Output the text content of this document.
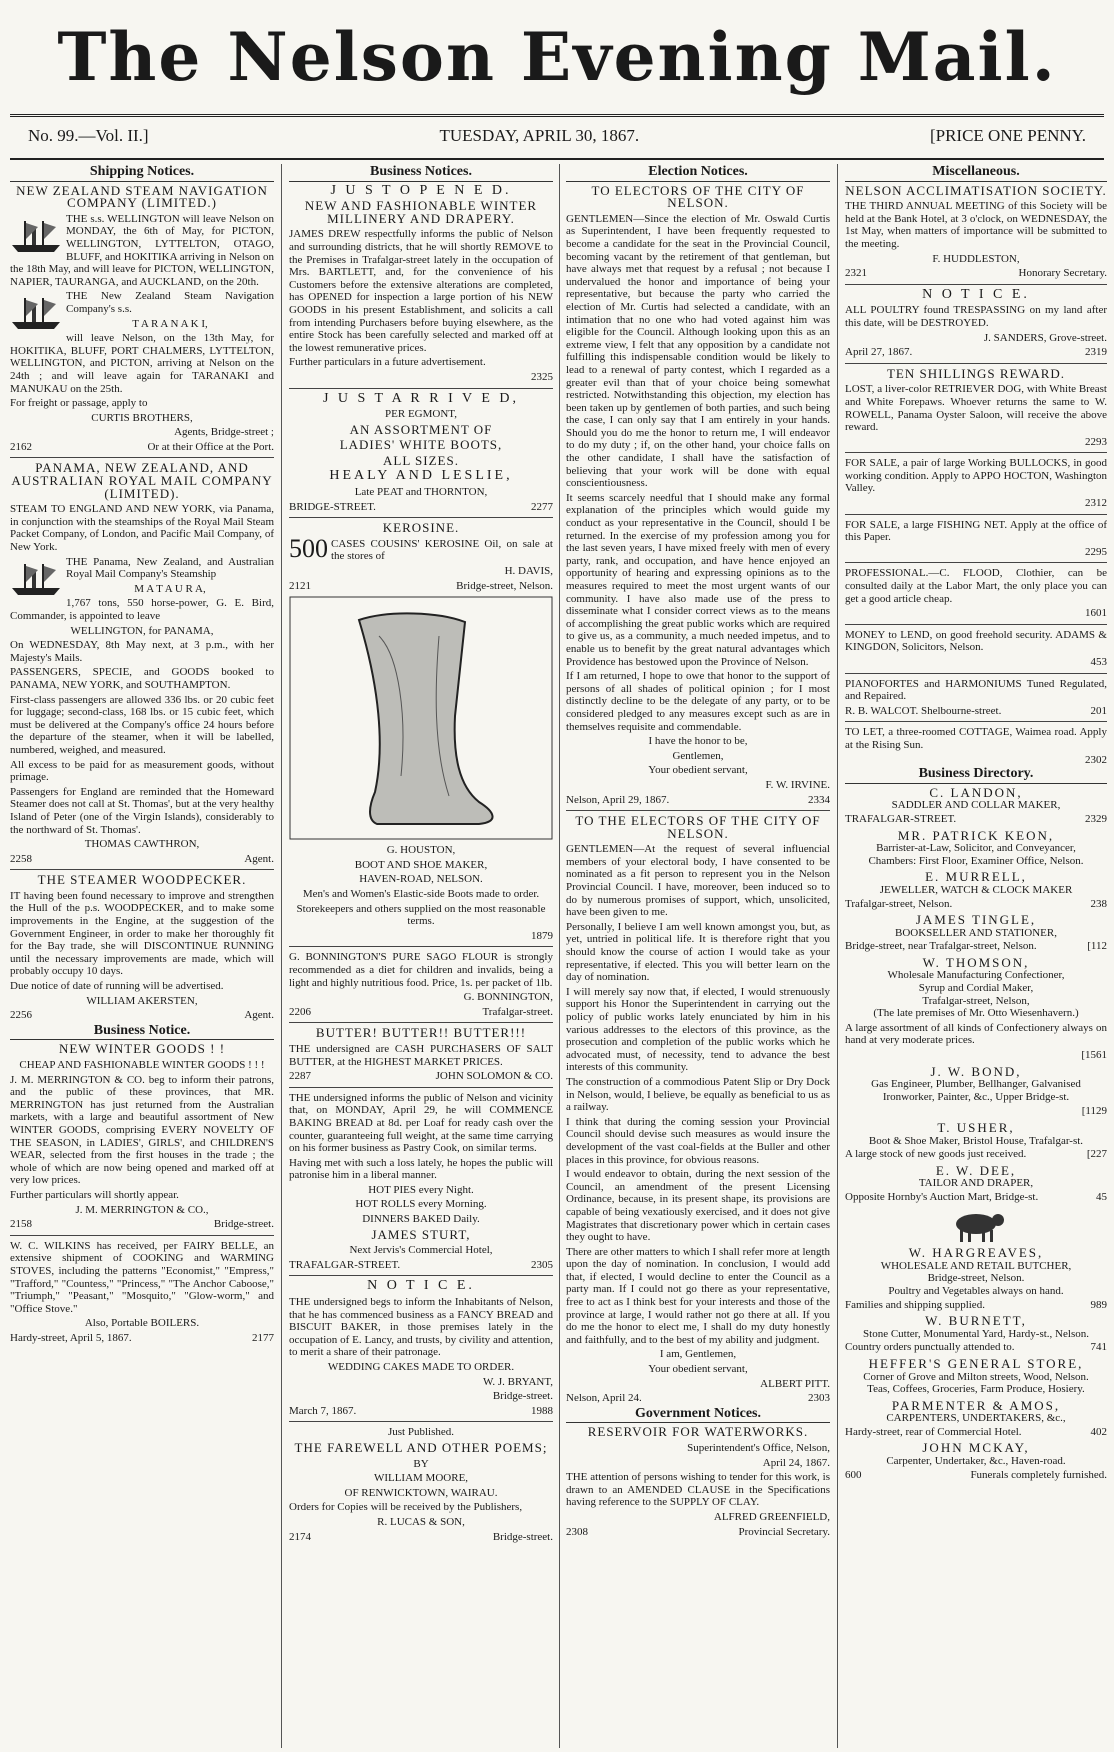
The Nelson Evening Mail.
No. 99.—Vol. II.]	TUESDAY, APRIL 30, 1867.	[PRICE ONE PENNY.
Shipping Notices.
NEW ZEALAND STEAM NAVIGATION COMPANY (LIMITED.)

THE s.s. WELLINGTON will leave Nelson on MONDAY, the 6th of May, for PICTON, WELLINGTON, LYTTELTON, OTAGO, BLUFF, and HOKITIKA arriving in Nelson on the 18th May, and will leave for PICTON, WELLINGTON, NAPIER, TAURANGA, and AUCKLAND, on the 20th.

THE New Zealand Steam Navigation Company's s.s.

T A R A N A K I,

will leave Nelson, on the 13th May, for HOKITIKA, BLUFF, PORT CHALMERS, LYTTELTON, WELLINGTON, and PICTON, arriving at Nelson on the 24th ; and will leave again for TARANAKI and MANUKAU on the 25th.

For freight or passage, apply to

CURTIS BROTHERS,
Agents, Bridge-street ;
2162	Or at their Office at the Port.
PANAMA, NEW ZEALAND, AND AUSTRALIAN ROYAL MAIL COMPANY (LIMITED).

STEAM TO ENGLAND AND NEW YORK, via Panama, in conjunction with the steamships of the Royal Mail Steam Packet Company, of London, and Pacific Mail Company, of New York.

THE Panama, New Zealand, and Australian Royal Mail Company's Steamship

M A T A U R A,

1,767 tons, 550 horse-power, G. E. Bird, Commander, is appointed to leave

WELLINGTON, for PANAMA,

On WEDNESDAY, 8th May next, at 3 p.m., with her Majesty's Mails.

PASSENGERS, SPECIE, and GOODS booked to PANAMA, NEW YORK, and SOUTHAMPTON.

First-class passengers are allowed 336 lbs. or 20 cubic feet for luggage; second-class, 168 lbs. or 15 cubic feet, which must be delivered at the Company's office 24 hours before the departure of the steamer, when it will be labelled, numbered, weighed, and measured.

All excess to be paid for as measurement goods, without primage.

Passengers for England are reminded that the Homeward Steamer does not call at St. Thomas', but at the very healthy Island of Peter (one of the Virgin Islands), considerably to the northward of St. Thomas'.

THOMAS CAWTHRON,
2258	Agent.
THE STEAMER WOODPECKER.

IT having been found necessary to improve and strengthen the Hull of the p.s. WOODPECKER, and to make some improvements in the Engine, at the suggestion of the Government Engineer, in order to make her thoroughly fit for the Bay trade, she will DISCONTINUE RUNNING until the necessary improvements are made, which will probably occupy 10 days.

Due notice of date of running will be advertised.

WILLIAM AKERSTEN,
2256	Agent.
Business Notice.
NEW WINTER GOODS ! !
CHEAP AND FASHIONABLE WINTER GOODS ! ! !

J. M. MERRINGTON & CO. beg to inform their patrons, and the public of these provinces, that MR. MERRINGTON has just returned from the Australian markets, with a large and beautiful assortment of New WINTER GOODS, comprising EVERY NOVELTY OF THE SEASON, in LADIES', GIRLS', and CHILDREN'S WEAR, selected from the first houses in the trade ; the whole of which are now being opened and marked off at very low prices.

Further particulars will shortly appear.

J. M. MERRINGTON & CO.,
2158	Bridge-street.

W. C. WILKINS has received, per FAIRY BELLE, an extensive shipment of COOKING and WARMING STOVES, including the patterns "Economist," "Empress," "Trafford," "Countess," "Princess," "The Anchor Caboose," "Triumph," "Peasant," "Mosquito," "Glow-worm," and "Office Stove."

Also, Portable BOILERS.
Hardy-street, April 5, 1867.	2177
Business Notices.
J U S T O P E N E D.
NEW AND FASHIONABLE WINTER MILLINERY AND DRAPERY.

JAMES DREW respectfully informs the public of Nelson and surrounding districts, that he will shortly REMOVE to the Premises in Trafalgar-street lately in the occupation of Mrs. BARTLETT, and, for the convenience of his Customers before the extensive alterations are completed, has OPENED for inspection a large portion of his NEW GOODS in his present Establishment, and solicits a call from intending Purchasers before buying elsewhere, as the entire Stock has been carefully selected and marked off at the lowest remunerative prices.

Further particulars in a future advertisement.

2325
J U S T A R R I V E D,
PER EGMONT,
AN ASSORTMENT OF
LADIES' WHITE BOOTS,
ALL SIZES.
HEALY AND LESLIE,
Late PEAT and THORNTON,
BRIDGE-STREET.	2277
KEROSINE.
500 CASES COUSINS' KEROSINE Oil, on sale at the stores of

H. DAVIS,
2121	Bridge-street, Nelson.

G. HOUSTON,

BOOT AND SHOE MAKER,

HAVEN-ROAD, NELSON.

Men's and Women's Elastic-side Boots made to order.

Storekeepers and others supplied on the most reasonable terms.

1879

G. BONNINGTON'S PURE SAGO FLOUR is strongly recommended as a diet for children and invalids, being a light and highly nutritious food. Price, 1s. per packet of 1lb.

G. BONNINGTON,
2206	Trafalgar-street.
BUTTER! BUTTER!! BUTTER!!!

THE undersigned are CASH PURCHASERS OF SALT BUTTER, at the HIGHEST MARKET PRICES.

2287	JOHN SOLOMON & CO.

THE undersigned informs the public of Nelson and vicinity that, on MONDAY, April 29, he will COMMENCE BAKING BREAD at 8d. per Loaf for ready cash over the counter, guaranteeing full weight, at the same time carrying on his former business as Pastry Cook, on similar terms.

Having met with such a loss lately, he hopes the public will patronise him in a liberal manner.

HOT PIES every Night.
HOT ROLLS every Morning.
DINNERS BAKED Daily.
JAMES STURT,
Next Jervis's Commercial Hotel,
TRAFALGAR-STREET.	2305
N O T I C E.

THE undersigned begs to inform the Inhabitants of Nelson, that he has commenced business as a FANCY BREAD and BISCUIT BAKER, in those premises lately in the occupation of E. Lancy, and trusts, by civility and attention, to merit a share of their patronage.

WEDDING CAKES MADE TO ORDER.
W. J. BRYANT,
Bridge-street.
March 7, 1867.	1988
Just Published.
THE FAREWELL AND OTHER POEMS;
BY
WILLIAM MOORE,
OF RENWICKTOWN, WAIRAU.

Orders for Copies will be received by the Publishers,

R. LUCAS & SON,
2174	Bridge-street.
Election Notices.
TO ELECTORS OF THE CITY OF NELSON.

GENTLEMEN—Since the election of Mr. Oswald Curtis as Superintendent, I have been frequently requested to become a candidate for the seat in the Provincial Council, becoming vacant by the retirement of that gentleman, but have always met that request by a refusal ; not because I undervalued the honor and importance of being your representative, but because the party who carried the election of Mr. Curtis had selected a candidate, with an intimation that no one who had voted against him was eligible for the Council. Although looking upon this as an extreme view, I felt that any opposition by a candidate not fulfilling this indispensable condition would be likely to lead to a renewal of party contest, which I regarded as a greater evil than that of your choice being somewhat restricted. Notwithstanding this objection, my election has been taken up by gentlemen of both parties, and such being the case, I can only say that I am entirely in your hands. Should you do me the honor to return me, I will endeavor to do my duty ; if, on the other hand, your choice falls on the other candidate, I shall have the satisfaction of believing that your work will be done with equal conscientiousness.

It seems scarcely needful that I should make any formal explanation of the principles which would guide my conduct as your representative in the Council, should I be returned. In the exercise of my profession among you for the last seven years, I have mixed freely with men of every party, rank, and occupation, and have hence enjoyed an opportunity of hearing and expressing opinions as to the measures required to meet the most urgent wants of our community. I have also made use of the press to disseminate what I consider correct views as to the means of accomplishing the great public works which are required to give us, as a community, a much needed impetus, and to enable us to benefit by the great natural advantages which Providence has bestowed upon the Province of Nelson.

If I am returned, I hope to owe that honor to the support of persons of all shades of political opinion ; for I most distinctly decline to be the delegate of any party, or to be considered pledged to any measures except such as are in themselves requisite and commendable.

I have the honor to be,
Gentlemen,
Your obedient servant,
F. W. IRVINE.
Nelson, April 29, 1867.	2334
TO THE ELECTORS OF THE CITY OF NELSON.

GENTLEMEN—At the request of several influencial members of your electoral body, I have consented to be nominated as a fit person to represent you in the Nelson Provincial Council. I have, moreover, been induced so to do by numerous promises of support, which, unsolicited, have been given to me.

Personally, I believe I am well known amongst you, but, as yet, untried in political life. It is therefore right that you should know the course of action I would take as your representative, if elected. This you will better learn on the day of nomination.

I will merely say now that, if elected, I would strenuously support his Honor the Superintendent in carrying out the policy of public works lately enunciated by him in his various addresses to the electors of this province, as the prosecution and completion of the public works which he advocated must, of necessity, tend to advance the best interests of this community.

The construction of a commodious Patent Slip or Dry Dock in Nelson, would, I believe, be equally as beneficial to us as a railway.

I think that during the coming session your Provincial Council should devise such measures as would insure the development of the vast coal-fields at the Buller and other places in this province, for obvious reasons.

I would endeavor to obtain, during the next session of the Council, an amendment of the present Licensing Ordinance, because, in its present shape, its provisions are capable of being vexatiously exercised, and it does not give Magistrates that discretionary power which in certain cases they ought to have.

There are other matters to which I shall refer more at length upon the day of nomination. In conclusion, I would add that, if elected, I would decline to enter the Council as a party man. If I could not go there as your representative, free to act as I think best for your interests and those of the province at large, I would rather not go there at all. If you do me the honor to elect me, I shall do my duty honestly and faithfully, and to the best of my ability and judgment.

I am, Gentlemen,
Your obedient servant,
ALBERT PITT.
Nelson, April 24.	2303
Government Notices.
RESERVOIR FOR WATERWORKS.
Superintendent's Office, Nelson,
April 24, 1867.

THE attention of persons wishing to tender for this work, is drawn to an AMENDED CLAUSE in the Specifications having reference to the SUPPLY OF CLAY.

ALFRED GREENFIELD,
2308	Provincial Secretary.
Miscellaneous.
NELSON ACCLIMATISATION SOCIETY.

THE THIRD ANNUAL MEETING of this Society will be held at the Bank Hotel, at 3 o'clock, on WEDNESDAY, the 1st May, when matters of importance will be submitted to the meeting.

F. HUDDLESTON,
2321	Honorary Secretary.
N O T I C E.

ALL POULTRY found TRESPASSING on my land after this date, will be DESTROYED.

J. SANDERS, Grove-street.
April 27, 1867.	2319
TEN SHILLINGS REWARD.

LOST, a liver-color RETRIEVER DOG, with White Breast and White Forepaws. Whoever returns the same to W. ROWELL, Panama Oyster Saloon, will receive the above reward.

2293

FOR SALE, a pair of large Working BULLOCKS, in good working condition. Apply to APPO HOCTON, Washington Valley.

2312

FOR SALE, a large FISHING NET. Apply at the office of this Paper.

2295

PROFESSIONAL.—C. FLOOD, Clothier, can be consulted daily at the Labor Mart, the only place you can get a good article cheap.

1601

MONEY to LEND, on good freehold security. ADAMS & KINGDON, Solicitors, Nelson.

453

PIANOFORTES and HARMONIUMS Tuned Regulated, and Repaired.

R. B. WALCOT. Shelbourne-street.	201

TO LET, a three-roomed COTTAGE, Waimea road. Apply at the Rising Sun.

2302
Business Directory.
C. LANDON,
SADDLER AND COLLAR MAKER,
TRAFALGAR-STREET.	2329
MR. PATRICK KEON,
Barrister-at-Law, Solicitor, and Conveyancer,
Chambers: First Floor, Examiner Office, Nelson.
E. MURRELL,
JEWELLER, WATCH & CLOCK MAKER
Trafalgar-street, Nelson.	238
JAMES TINGLE,
BOOKSELLER AND STATIONER,
Bridge-street, near Trafalgar-street, Nelson.	[112
W. THOMSON,
Wholesale Manufacturing Confectioner,
Syrup and Cordial Maker,
Trafalgar-street, Nelson,
(The late premises of Mr. Otto Wiesenhavern.)

A large assortment of all kinds of Confectionery always on hand at very moderate prices.

[1561
J. W. BOND,
Gas Engineer, Plumber, Bellhanger, Galvanised Ironworker, Painter, &c., Upper Bridge-st.
[1129
T. USHER,
Boot & Shoe Maker, Bristol House, Trafalgar-st.
A large stock of new goods just received.	[227
E. W. DEE,
TAILOR AND DRAPER,
Opposite Hornby's Auction Mart, Bridge-st.	45
W. HARGREAVES,
WHOLESALE AND RETAIL BUTCHER,
Bridge-street, Nelson.
Poultry and Vegetables always on hand.
Families and shipping supplied.	989
W. BURNETT,
Stone Cutter, Monumental Yard, Hardy-st., Nelson.
Country orders punctually attended to.	741
HEFFER'S GENERAL STORE,
Corner of Grove and Milton streets, Wood, Nelson.
Teas, Coffees, Groceries, Farm Produce, Hosiery.
PARMENTER & AMOS,
CARPENTERS, UNDERTAKERS, &c.,
Hardy-street, rear of Commercial Hotel.	402
JOHN MCKAY,
Carpenter, Undertaker, &c., Haven-road.
600	Funerals completely furnished.
